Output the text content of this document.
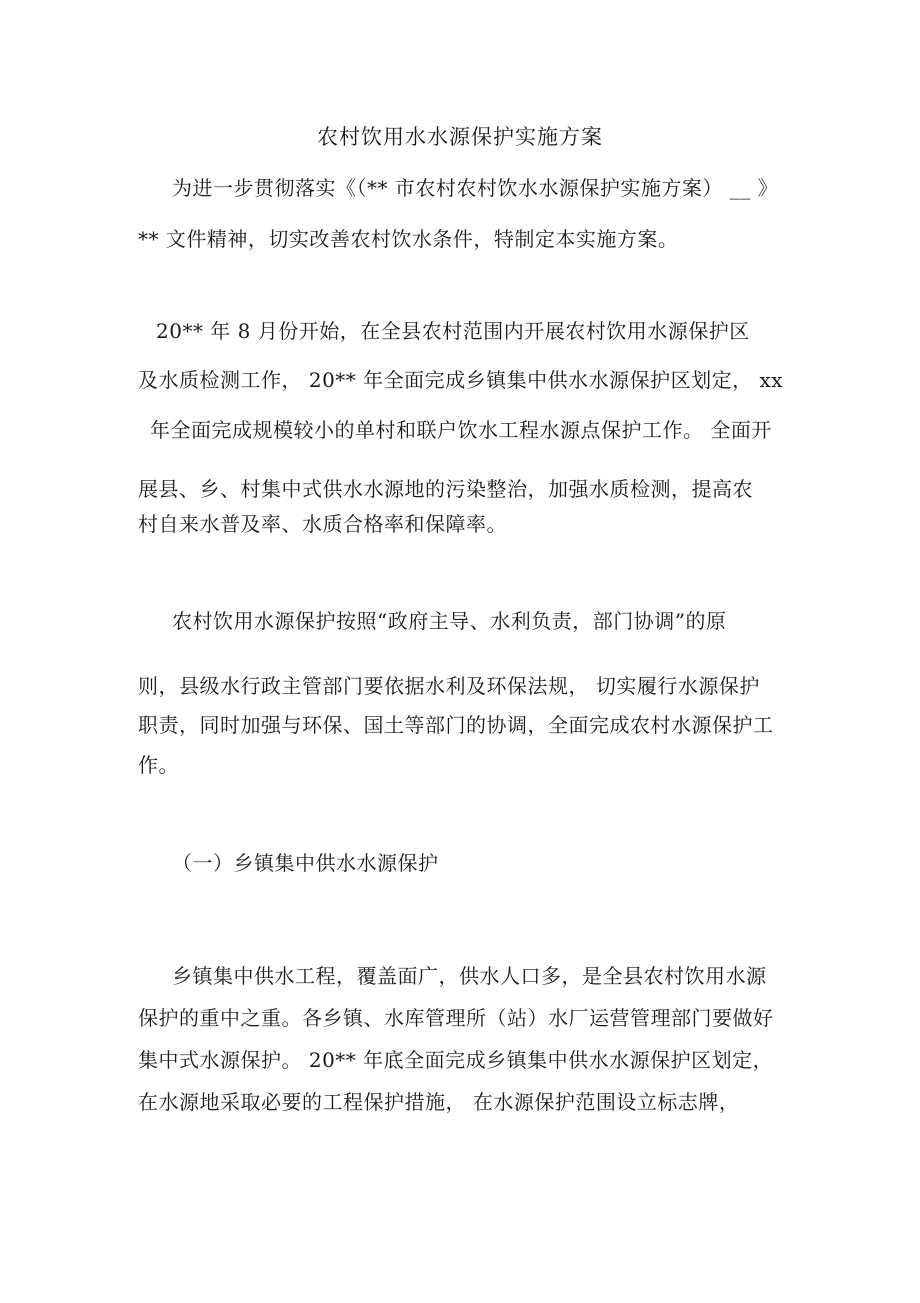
农村饮用水水源保护实施方案
为进一步贯彻落实《（** 市农村农村饮水水源保护实施方案） __ 》
** 文件精神，切实改善农村饮水条件，特制定本实施方案。
20** 年 8 月份开始，在全县农村范围内开展农村饮用水源保护区
及水质检测工作， 20** 年全面完成乡镇集中供水水源保护区划定， xx
年全面完成规模较小的单村和联户饮水工程水源点保护工作。 全面开
展县、乡、村集中式供水水源地的污染整治，加强水质检测，提高农
村自来水普及率、水质合格率和保障率。
农村饮用水源保护按照“政府主导、水利负责，部门协调”的原
则，县级水行政主管部门要依据水利及环保法规， 切实履行水源保护
职责，同时加强与环保、国土等部门的协调，全面完成农村水源保护工
作。
（一）乡镇集中供水水源保护
乡镇集中供水工程，覆盖面广，供水人口多，是全县农村饮用水源
保护的重中之重。各乡镇、水库管理所（站）水厂运营管理部门要做好
集中式水源保护。 20** 年底全面完成乡镇集中供水水源保护区划定，
在水源地采取必要的工程保护措施， 在水源保护范围设立标志牌，
